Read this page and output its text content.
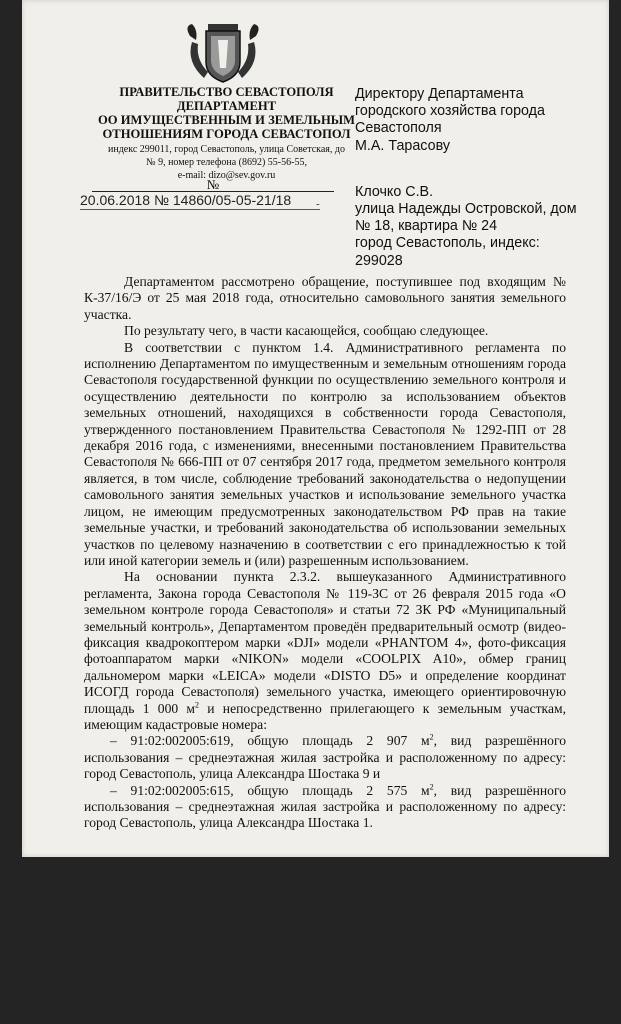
ПРАВИТЕЛЬСТВО СЕВАСТОПОЛЯ
ДЕПАРТАМЕНТ
ОО ИМУЩЕСТВЕННЫМ И ЗЕМЕЛЬНЫМ
ОТНОШЕНИЯМ ГОРОДА СЕВАСТОПОЛ
индекс 299011, город Севастополь, улица Советская, до
№ 9, номер телефона (8692) 55-56-55,
e-mail: dizo@sev.gov.ru
№
20.06.2018 № 14860/05-05-21/18	-
Директору Департамента
городского хозяйства города
Севастополя
М.А. Тарасову
Клочко С.В.
улица Надежды Островской, дом
№ 18, квартира № 24
город Севастополь, индекс:
299028

Департаментом рассмотрено обращение, поступившее под входящим № К-37/16/Э от 25 мая 2018 года, относительно самовольного занятия земельного участка.

По результату чего, в части касающейся, сообщаю следующее.

В соответствии с пунктом 1.4. Административного регламента по исполнению Департаментом по имущественным и земельным отношениям города Севастополя государственной функции по осуществлению земельного контроля и осуществлению деятельности по контролю за использованием объектов земельных отношений, находящихся в собственности города Севастополя, утвержденного постановлением Правительства Севастополя № 1292-ПП от 28 декабря 2016 года, с изменениями, внесенными постановлением Правительства Севастополя № 666-ПП от 07 сентября 2017 года, предметом земельного контроля является, в том числе, соблюдение требований законодательства о недопущении самовольного занятия земельных участков и использование земельного участка лицом, не имеющим предусмотренных законодательством РФ прав на такие земельные участки, и требований законодательства об использовании земельных участков по целевому назначению в соответствии с его принадлежностью к той или иной категории земель и (или) разрешенным использованием.

На основании пункта 2.3.2. вышеуказанного Административного регламента, Закона города Севастополя № 119-ЗС от 26 февраля 2015 года «О земельном контроле города Севастополя» и статьи 72 ЗК РФ «Муниципальный земельный контроль», Департаментом проведён предварительный осмотр (видео-фиксация квадрокоптером марки «DJI» модели «PHANTOM 4», фото-фиксация фотоаппаратом марки «NIKON» модели «COOLPIX A10», обмер границ дальномером марки «LEICA» модели «DISTO D5» и определение координат ИСОГД города Севастополя) земельного участка, имеющего ориентировочную площадь 1 000 $м^2$ и непосредственно прилегающего к земельным участкам, имеющим кадастровые номера:

– 91:02:002005:619, общую площадь 2 907 $м^2$, вид разрешённого использования – среднеэтажная жилая застройка и расположенному по адресу: город Севастополь, улица Александра Шостака 9 и

– 91:02:002005:615, общую площадь 2 575 $м^2$, вид разрешённого использования – среднеэтажная жилая застройка и расположенному по адресу: город Севастополь, улица Александра Шостака 1.
